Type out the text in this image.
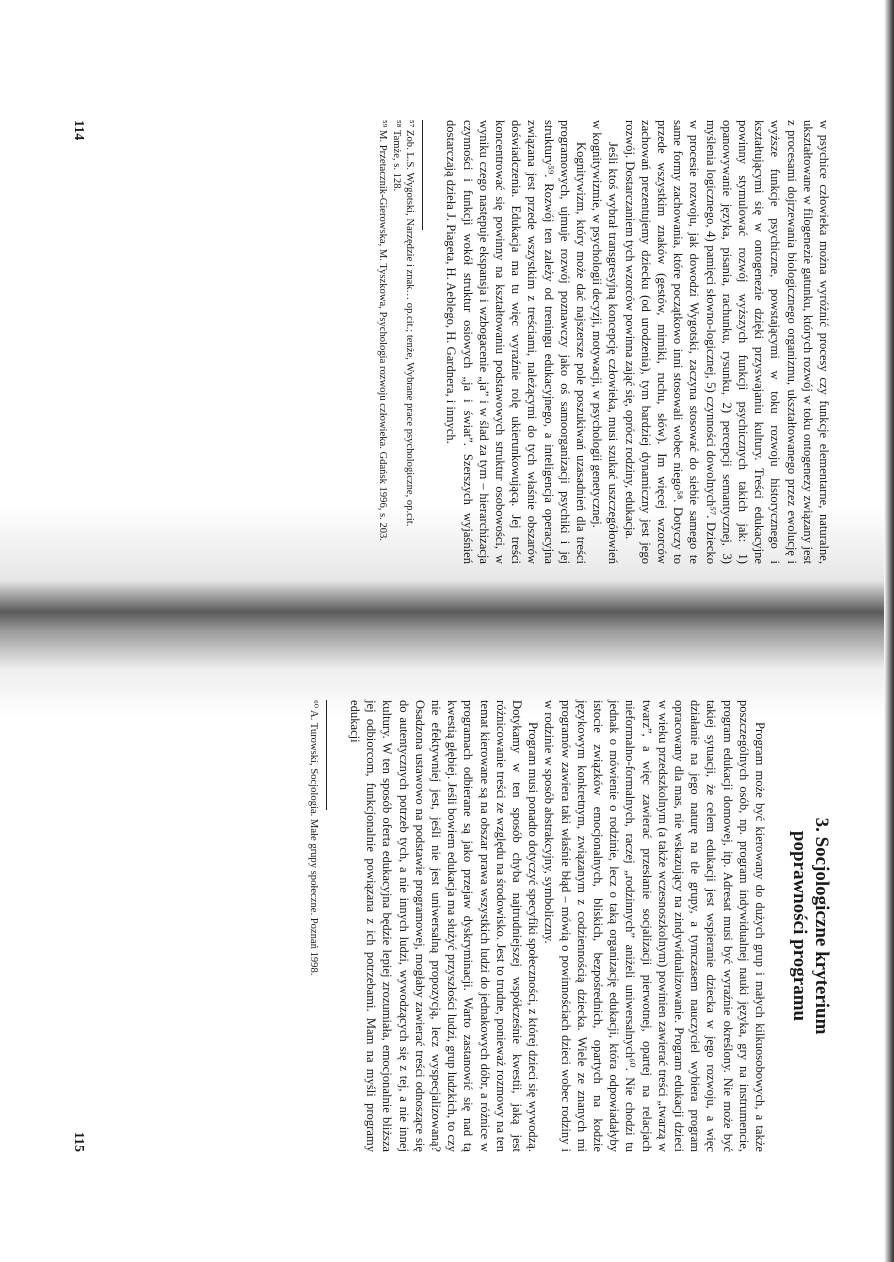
w psychice człowieka można wyróżnić procesy czy funkcje elementarne, naturalne, ukształtowane w filogenezie gatunku, których rozwój w toku ontogenezy związany jest z procesami dojrzewania biologicznego organizmu, ukształtowanego przez ewolucję i wyższe funkcje psychiczne, powstającymi w toku rozwoju historycznego i kształtującymi się w ontogenezie dzięki przyswajaniu kultury. Treści edukacyjne powinny stymulować rozwój wyższych funkcji psychicznych takich jak: 1) opanowywanie języka, pisania, rachunku, rysunku, 2) percepcji semantycznej, 3) myślenia logicznego, 4) pamięci słowno-logicznej, 5) czynności dowolnych⁵⁷. Dziecko w procesie rozwoju, jak dowodzi Wygotski, zaczyna stosować do siebie samego te same formy zachowania, które początkowo inni stosowali wobec niego⁵⁸. Dotyczy to przede wszystkim znaków (gestów, mimiki, ruchu, słów). Im więcej wzorców zachowań prezentujemy dziecku (od urodzenia), tym bardziej dynamiczny jest jego rozwój. Dostarczaniem tych wzorców powinna zająć się, oprócz rodziny, edukacja.

Jeśli ktoś wybrał transgresyjną koncepcję człowieka, musi szukać uszczegółowień w kognitywizmie, w psychologii decyzji, motywacji, w psychologii genetycznej.

Kognitywizm, który może dać najszersze pole poszukiwań uzasadnień dla treści programowych, ujmuje rozwój poznawczy jako oś samoorganizacji psychiki i jej struktury⁵⁹. Rozwój ten zależy od treningu edukacyjnego, a inteligencja operacyjna związana jest przede wszystkim z treściami, należącymi do tych właśnie obszarów doświadczenia. Edukacja ma tu więc wyraźnie rolę ukierunkowującą. Jej treści koncentrować się powinny na kształtowaniu podstawowych struktur osobowości, w wyniku czego następuje ekspansja i wzbogacenie „ja” i w ślad za tym – hierarchizacja czynności i funkcji wokół struktur osiowych „ja i świat”. Szerszych wyjaśnień dostarczają dzieła J. Piageta, H. Aeblego, H. Gardnera, i innych.

⁵⁷ Zob. L.S. Wygotski, Narzędzie i znak… op.cit.; tenże, Wybrane prace psychologiczne, op.cit.

⁵⁸ Tamże, s. 128.

⁵⁹ M. Przetacznik-Gierowska, M. Tyszkowa, Psychologia rozwoju człowieka. Gdańsk 1996, s. 203.

114
3. Socjologiczne kryterium
poprawności programu

Program może być kierowany do dużych grup i małych kilkuosobowych, a także poszczególnych osób, np. program indywidualnej nauki języka, gry na instrumencie, program edukacji domowej, itp. Adresat musi być wyraźnie określony. Nie może być takiej sytuacji, że celem edukacji jest wspieranie dziecka w jego rozwoju, a więc działanie na jego naturę na tle grupy, a tymczasem nauczyciel wybiera program opracowany dla mas, nie wskazujący na zindywidualizowanie. Program edukacji dzieci w wieku przedszkolnym (a także wczesnoszkolnym) powinien zawierać treści „twarzą w twarz”, a więc zawierać przesłanie socjalizacji pierwotnej, opartej na relacjach nieformalno-formalnych, raczej „rodzinnych” aniżeli uniwersalnych⁶⁰. Nie chodzi tu jednak o mówienie o rodzinie, lecz o taką organizację edukacji, która odpowiadałyby istocie związków emocjonalnych, bliskich, bezpośrednich, opartych na kodzie językowym konkretnym, związanym z codziennością dziecka. Wiele ze znanych mi programów zawiera taki właśnie błąd – mówią o powinnościach dzieci wobec rodziny i w rodzinie w sposób abstrakcyjny, symboliczny.

Program musi ponadto dotyczyć specyfiki społeczności, z której dzieci się wywodzą. Dotykamy w ten sposób chyba najtrudniejszej współcześnie kwestii, jaką jest różnicowanie treści ze względu na środowisko. Jest to trudne, ponieważ rozmowy na ten temat kierowane są na obszar prawa wszystkich ludzi do jednakowych dóbr, a różnice w programach odbierane są jako przejaw dyskryminacji. Warto zastanowić się nad tą kwestią głębiej. Jeśli bowiem edukacja ma służyć przyszłości ludzi, grup ludzkich, to czy nie efektywniej jest, jeśli nie jest uniwersalną propozycją, lecz wyspecjalizowaną? Osadzona ustawowo na podstawie programowej, mogłaby zawierać treści odnoszące się do autentycznych potrzeb tych, a nie innych ludzi, wywodzących się z tej, a nie innej kultury. W ten sposób oferta edukacyjna będzie lepiej zrozumiała, emocjonalnie bliższa jej odbiorcom, funkcjonalnie powiązana z ich potrzebami. Mam na myśli programy edukacji

⁶⁰ A. Turowski, Socjologia. Małe grupy społeczne. Poznań 1998.

115
